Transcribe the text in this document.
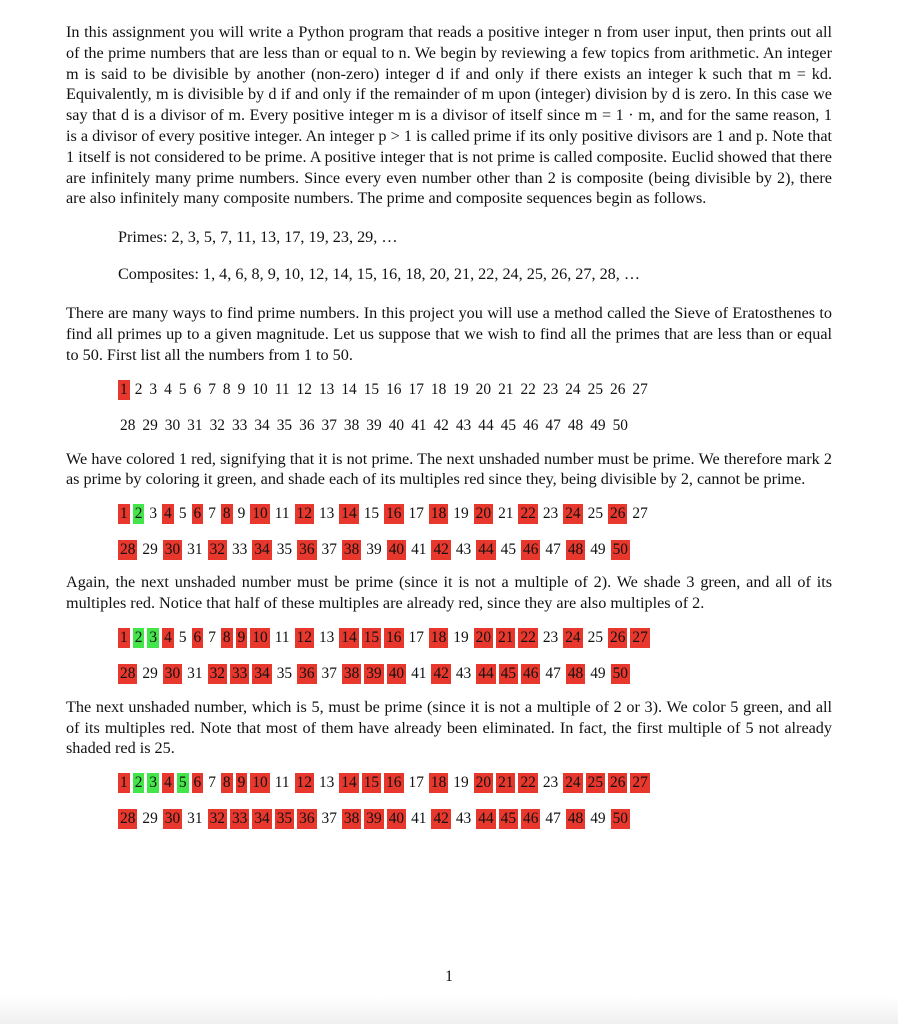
In this assignment you will write a Python program that reads a positive integer n from user input, then prints out all of the prime numbers that are less than or equal to n. We begin by reviewing a few topics from arithmetic. An integer m is said to be divisible by another (non-zero) integer d if and only if there exists an integer k such that m = kd. Equivalently, m is divisible by d if and only if the remainder of m upon (integer) division by d is zero. In this case we say that d is a divisor of m. Every positive integer m is a divisor of itself since m = 1 · m, and for the same reason, 1 is a divisor of every positive integer. An integer p > 1 is called prime if its only positive divisors are 1 and p. Note that 1 itself is not considered to be prime. A positive integer that is not prime is called composite. Euclid showed that there are infinitely many prime numbers. Since every even number other than 2 is composite (being divisible by 2), there are also infinitely many composite numbers. The prime and composite sequences begin as follows.

Primes: 2, 3, 5, 7, 11, 13, 17, 19, 23, 29, …
Composites: 1, 4, 6, 8, 9, 10, 12, 14, 15, 16, 18, 20, 21, 22, 24, 25, 26, 27, 28, …

There are many ways to find prime numbers. In this project you will use a method called the Sieve of Eratosthenes to find all primes up to a given magnitude. Let us suppose that we wish to find all the primes that are less than or equal to 50. First list all the numbers from 1 to 50.

1 2 3 4 5 6 7 8 9 10 11 12 13 14 15 16 17 18 19 20 21 22 23 24 25 26 27
28 29 30 31 32 33 34 35 36 37 38 39 40 41 42 43 44 45 46 47 48 49 50

We have colored 1 red, signifying that it is not prime. The next unshaded number must be prime. We therefore mark 2 as prime by coloring it green, and shade each of its multiples red since they, being divisible by 2, cannot be prime.

1 2 3 4 5 6 7 8 9 10 11 12 13 14 15 16 17 18 19 20 21 22 23 24 25 26 27
28 29 30 31 32 33 34 35 36 37 38 39 40 41 42 43 44 45 46 47 48 49 50

Again, the next unshaded number must be prime (since it is not a multiple of 2). We shade 3 green, and all of its multiples red. Notice that half of these multiples are already red, since they are also multiples of 2.

1 2 3 4 5 6 7 8 9 10 11 12 13 14 15 16 17 18 19 20 21 22 23 24 25 26 27
28 29 30 31 32 33 34 35 36 37 38 39 40 41 42 43 44 45 46 47 48 49 50

The next unshaded number, which is 5, must be prime (since it is not a multiple of 2 or 3). We color 5 green, and all of its multiples red. Note that most of them have already been eliminated. In fact, the first multiple of 5 not already shaded red is 25.

1 2 3 4 5 6 7 8 9 10 11 12 13 14 15 16 17 18 19 20 21 22 23 24 25 26 27
28 29 30 31 32 33 34 35 36 37 38 39 40 41 42 43 44 45 46 47 48 49 50
1
